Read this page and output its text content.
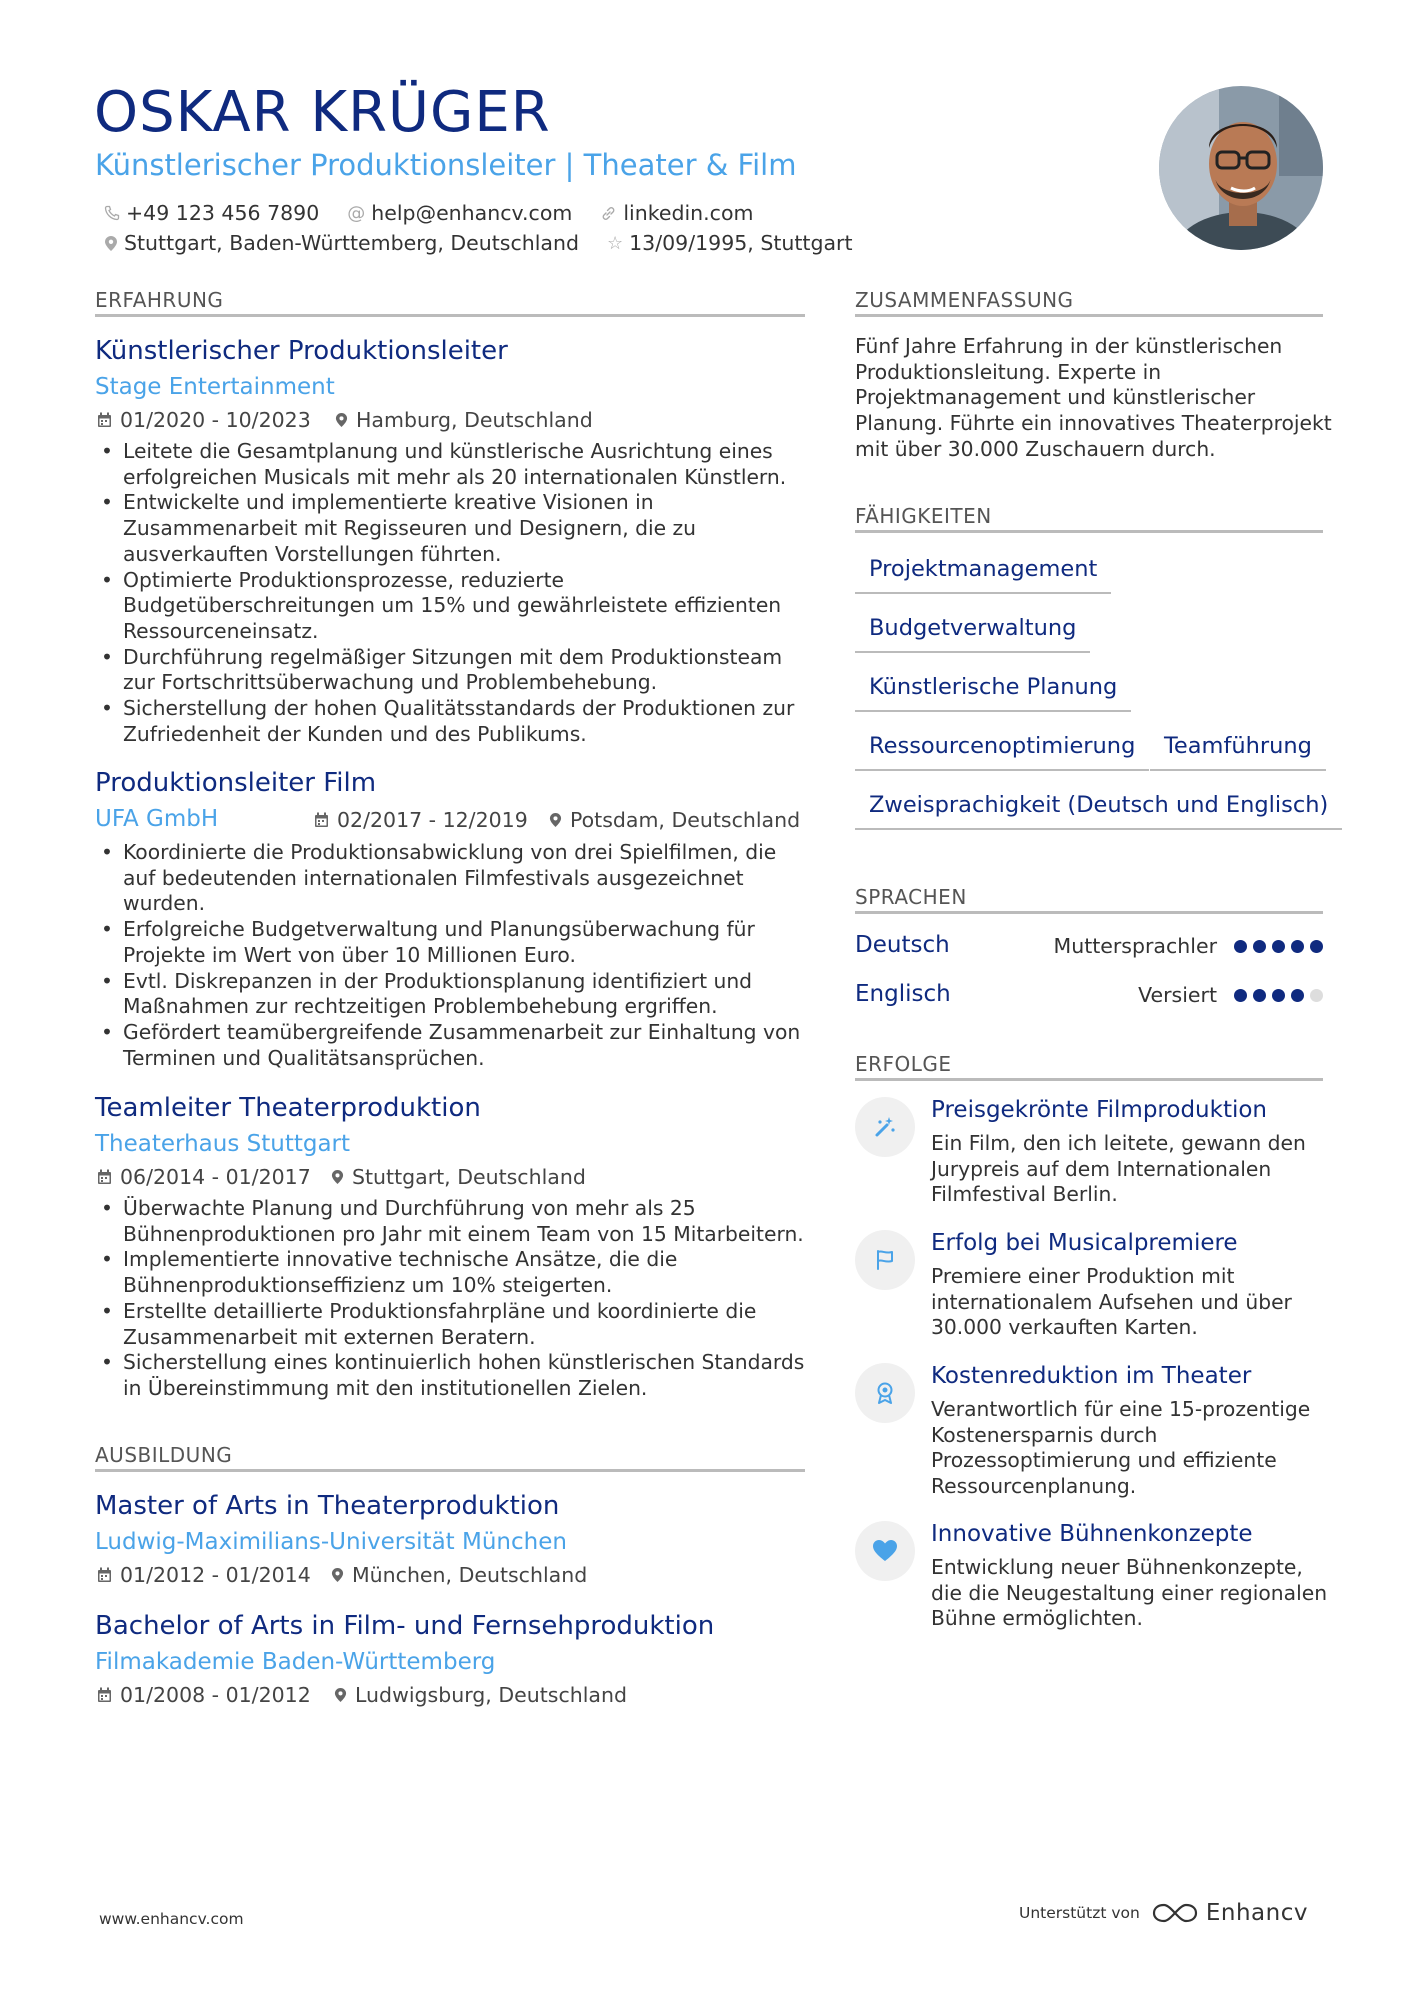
OSKAR KRÜGER
Künstlerischer Produktionsleiter | Theater & Film
+49 123 456 7890 @ help@enhancv.com linkedin.com
Stuttgart, Baden-Württemberg, Deutschland ☆ 13/09/1995, Stuttgart
ERFAHRUNG
Künstlerischer Produktionsleiter
Stage Entertainment
01/2020 - 10/2023 Hamburg, Deutschland
• Leitete die Gesamtplanung und künstlerische Ausrichtung eines erfolgreichen Musicals mit mehr als 20 internationalen Künstlern.
• Entwickelte und implementierte kreative Visionen in Zusammenarbeit mit Regisseuren und Designern, die zu ausverkauften Vorstellungen führten.
• Optimierte Produktionsprozesse, reduzierte Budgetüberschreitungen um 15% und gewährleistete effizienten Ressourceneinsatz.
• Durchführung regelmäßiger Sitzungen mit dem Produktionsteam zur Fortschrittsüberwachung und Problembehebung.
• Sicherstellung der hohen Qualitätsstandards der Produktionen zur Zufriedenheit der Kunden und des Publikums.
Produktionsleiter Film
UFA GmbH	02/2017 - 12/2019 Potsdam, Deutschland
• Koordinierte die Produktionsabwicklung von drei Spielfilmen, die auf bedeutenden internationalen Filmfestivals ausgezeichnet wurden.
• Erfolgreiche Budgetverwaltung und Planungsüberwachung für Projekte im Wert von über 10 Millionen Euro.
• Evtl. Diskrepanzen in der Produktionsplanung identifiziert und Maßnahmen zur rechtzeitigen Problembehebung ergriffen.
• Gefördert teamübergreifende Zusammenarbeit zur Einhaltung von Terminen und Qualitätsansprüchen.
Teamleiter Theaterproduktion
Theaterhaus Stuttgart
06/2014 - 01/2017 Stuttgart, Deutschland
• Überwachte Planung und Durchführung von mehr als 25 Bühnenproduktionen pro Jahr mit einem Team von 15 Mitarbeitern.
• Implementierte innovative technische Ansätze, die die Bühnenproduktionseffizienz um 10% steigerten.
• Erstellte detaillierte Produktionsfahrpläne und koordinierte die Zusammenarbeit mit externen Beratern.
• Sicherstellung eines kontinuierlich hohen künstlerischen Standards in Übereinstimmung mit den institutionellen Zielen.
AUSBILDUNG
Master of Arts in Theaterproduktion
Ludwig-Maximilians-Universität München
01/2012 - 01/2014 München, Deutschland
Bachelor of Arts in Film- und Fernsehproduktion
Filmakademie Baden-Württemberg
01/2008 - 01/2012 Ludwigsburg, Deutschland
ZUSAMMENFASSUNG
Fünf Jahre Erfahrung in der künstlerischen Produktionsleitung. Experte in Projektmanagement und künstlerischer Planung. Führte ein innovatives Theaterprojekt mit über 30.000 Zuschauern durch.
FÄHIGKEITEN
Projektmanagement
Budgetverwaltung
Künstlerische Planung
Ressourcenoptimierung	Teamführung
Zweisprachigkeit (Deutsch und Englisch)
SPRACHEN
Deutsch	Muttersprachler
Englisch	Versiert
ERFOLGE
Preisgekrönte Filmproduktion
Ein Film, den ich leitete, gewann den Jurypreis auf dem Internationalen Filmfestival Berlin.
Erfolg bei Musicalpremiere
Premiere einer Produktion mit internationalem Aufsehen und über 30.000 verkauften Karten.
Kostenreduktion im Theater
Verantwortlich für eine 15-prozentige Kostenersparnis durch Prozessoptimierung und effiziente Ressourcenplanung.
Innovative Bühnenkonzepte
Entwicklung neuer Bühnenkonzepte, die die Neugestaltung einer regionalen Bühne ermöglichten.
www.enhancv.com	Unterstützt von	Enhancv
